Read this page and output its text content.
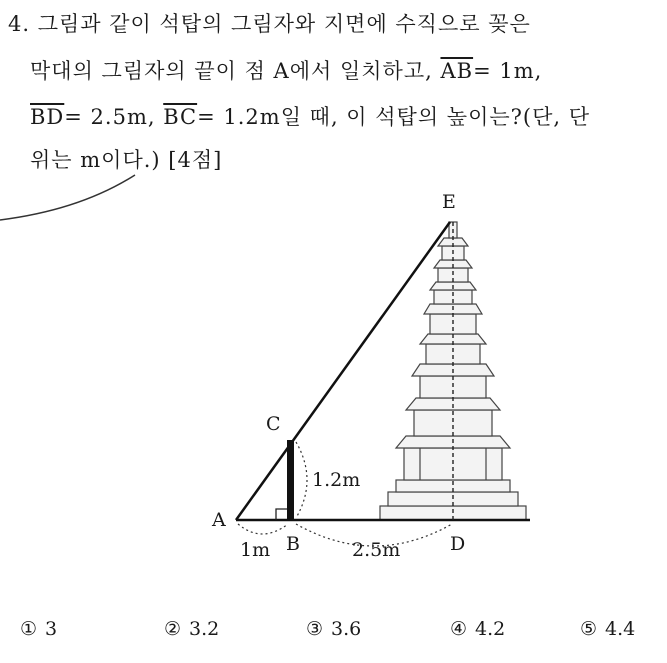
4. 그림과 같이 석탑의 그림자와 지면에 수직으로 꽂은
막대의 그림자의 끝이 점 A에서 일치하고, $\overline{AB}= 1m$,
$\overline{BD}= 2.5m$, $\overline{BC}= 1.2m$일 때, 이 석탑의 높이는?(단, 단
위는 m이다.) [4점]
E
C
A
B	D
1.2m
1m	2.5m
① 3	② 3.2	③ 3.6	④ 4.2	⑤ 4.4
